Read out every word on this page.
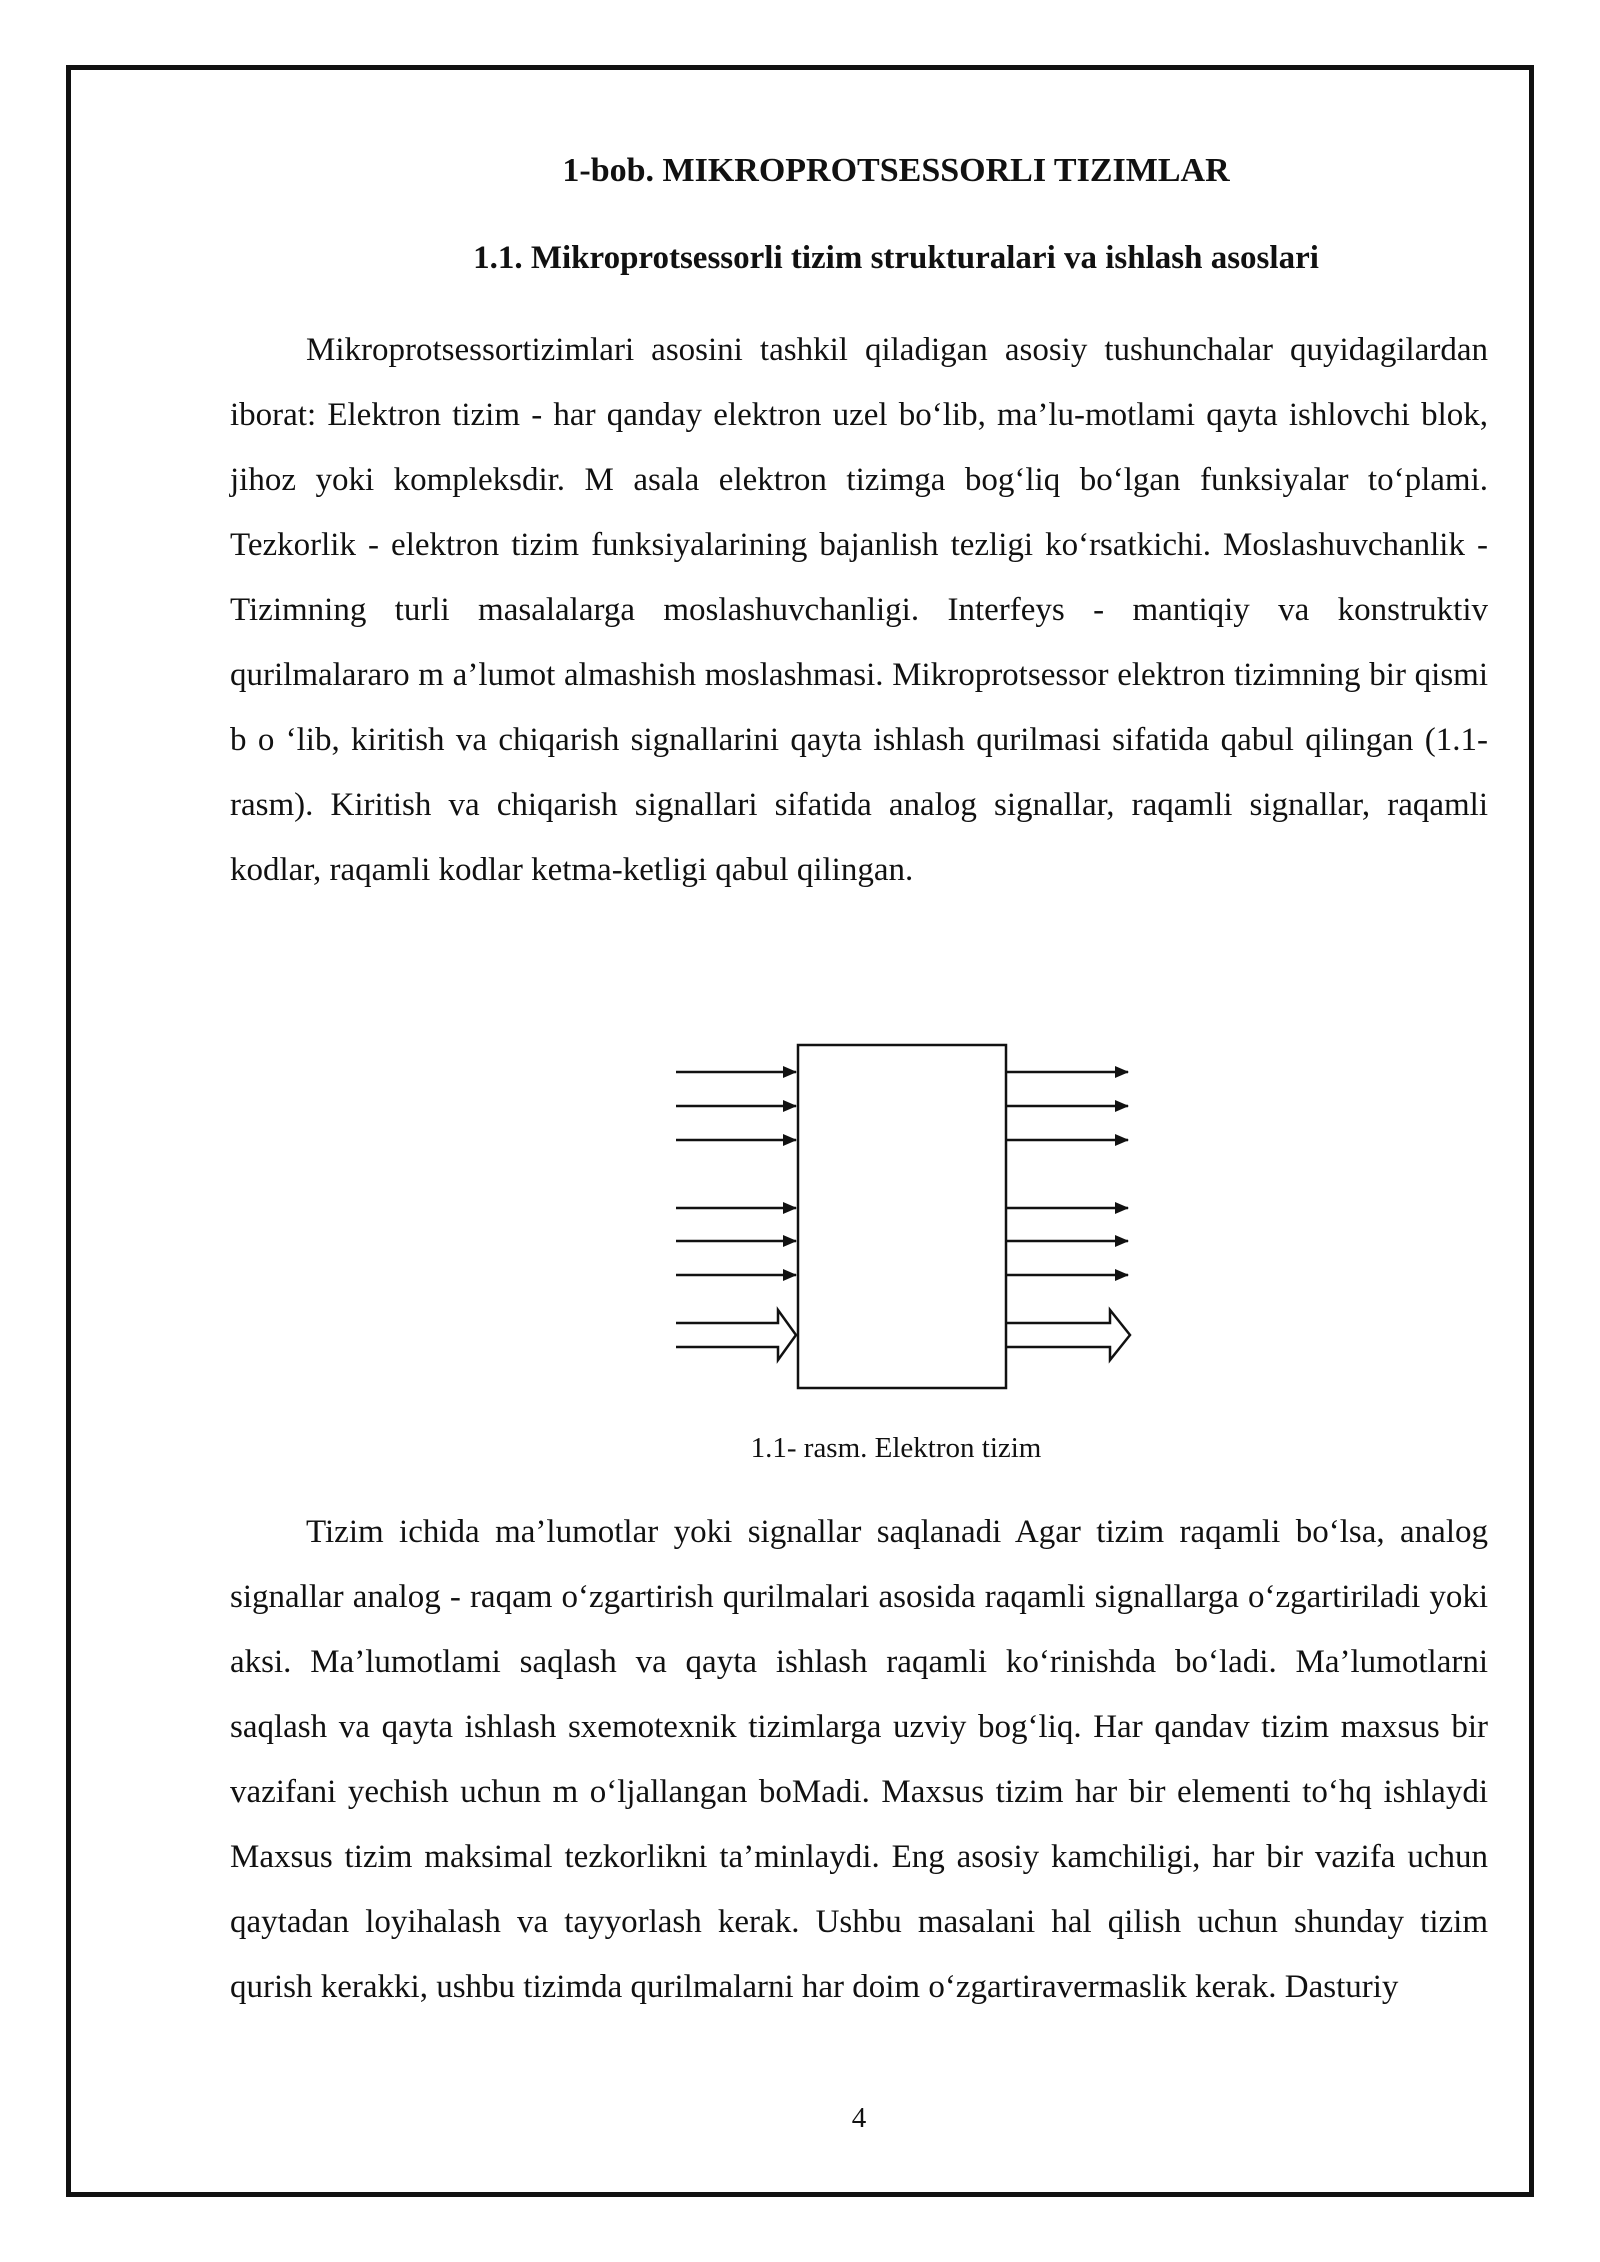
1-bob. MIKROPROTSESSORLI TIZIMLAR
1.1. Mikroprotsessorli tizim strukturalari va ishlash asoslari

Mikroprotsessortizimlari asosini tashkil qiladigan asosiy tushunchalar quyidagilardan iborat: Elektron tizim - har qanday elektron uzel bo‘lib, ma’lu-motlami qayta ishlovchi blok, jihoz yoki kompleksdir. M asala elektron tizimga bog‘liq bo‘lgan funksiyalar to‘plami. Tezkorlik - elektron tizim funksiyalarining bajanlish tezligi ko‘rsatkichi. Moslashuvchanlik - Tizimning turli masalalarga moslashuvchanligi. Interfeys - mantiqiy va konstruktiv qurilmalararo m a’lumot almashish moslashmasi. Mikroprotsessor elektron tizimning bir qismi b o ‘lib, kiritish va chiqarish signallarini qayta ishlash qurilmasi sifatida qabul qilingan (1.1-rasm). Kiritish va chiqarish signallari sifatida analog signallar, raqamli signallar, raqamli kodlar, raqamli kodlar ketma-ketligi qabul qilingan.

1.1- rasm. Elektron tizim

Tizim ichida ma’lumotlar yoki signallar saqlanadi Agar tizim raqamli bo‘lsa, analog signallar analog - raqam o‘zgartirish qurilmalari asosida raqamli signallarga o‘zgartiriladi yoki aksi. Ma’lumotlami saqlash va qayta ishlash raqamli ko‘rinishda bo‘ladi. Ma’lumotlarni saqlash va qayta ishlash sxemotexnik tizimlarga uzviy bog‘liq. Har qandav tizim maxsus bir vazifani yechish uchun m o‘ljallangan boMadi. Maxsus tizim har bir elementi to‘hq ishlaydi Maxsus tizim maksimal tezkorlikni ta’minlaydi. Eng asosiy kamchiligi, har bir vazifa uchun qaytadan loyihalash va tayyorlash kerak. Ushbu masalani hal qilish uchun shunday tizim qurish kerakki, ushbu tizimda qurilmalarni har doim o‘zgartiravermaslik kerak. Dasturiy

4
